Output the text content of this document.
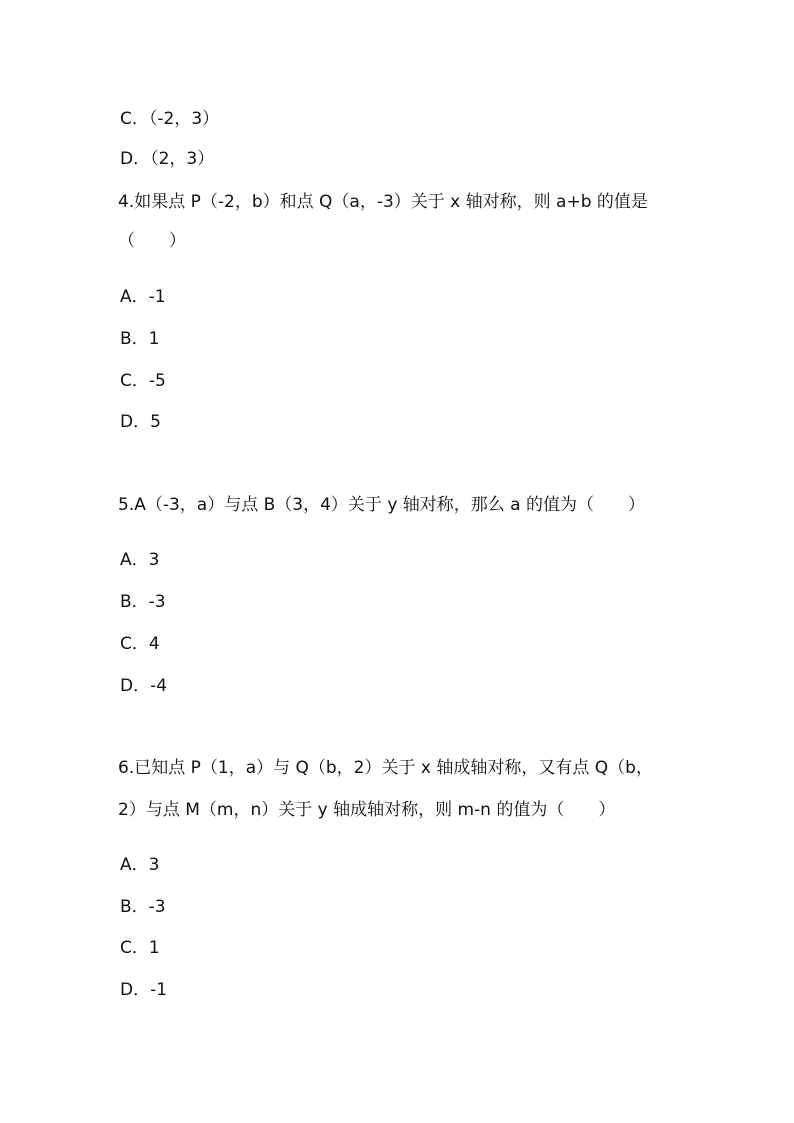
C．（-2，3）
D．（2，3）
4.如果点 P（-2，b）和点 Q（a，-3）关于 x 轴对称，则 a+b 的值是
（　　）
A．-1
B．1
C．-5
D．5
5.A（-3，a）与点 B（3，4）关于 y 轴对称，那么 a 的值为（　　）
A．3
B．-3
C．4
D．-4
6.已知点 P（1，a）与 Q（b，2）关于 x 轴成轴对称，又有点 Q（b，
2）与点 M（m，n）关于 y 轴成轴对称，则 m-n 的值为（　　）
A．3
B．-3
C．1
D．-1
